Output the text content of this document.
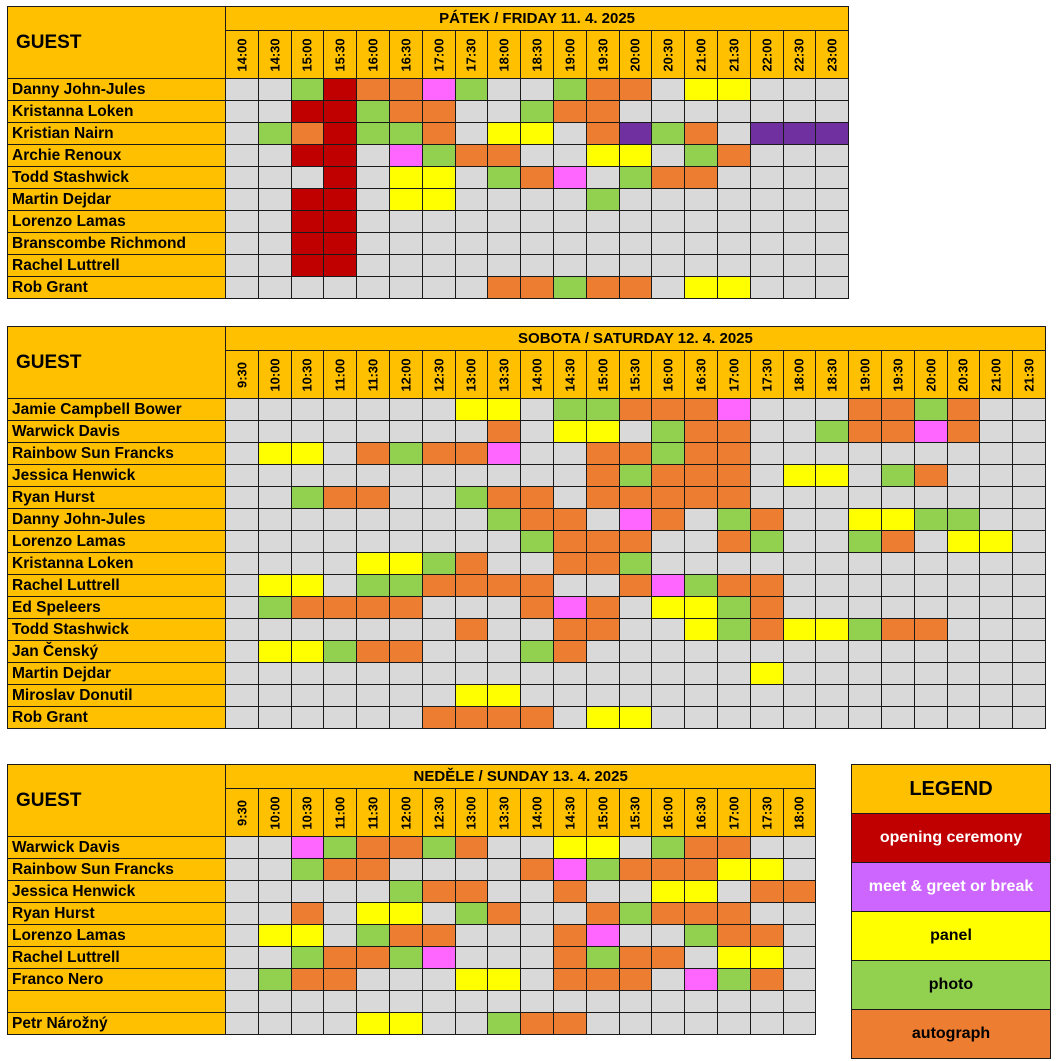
GUEST	PÁTEK / FRIDAY 11. 4. 2025																		

	14:00	14:30	15:00	15:30	16:00	16:30	17:00	17:30	18:00	18:30	19:00	19:30	20:00	20:30	21:00	21:30	22:00	22:30	23:00

Danny John-Jules																			
Kristanna Loken																			
Kristian Nairn																			
Archie Renoux																			
Todd Stashwick																			
Martin Dejdar																			
Lorenzo Lamas																			
Branscombe Richmond																			
Rachel Luttrell																			
Rob Grant																			
GUEST	SOBOTA / SATURDAY 12. 4. 2025																								

	9:30	10:00	10:30	11:00	11:30	12:00	12:30	13:00	13:30	14:00	14:30	15:00	15:30	16:00	16:30	17:00	17:30	18:00	18:30	19:00	19:30	20:00	20:30	21:00	21:30

Jamie Campbell Bower																									
Warwick Davis																									
Rainbow Sun Francks																									
Jessica Henwick																									
Ryan Hurst																									
Danny John-Jules																									
Lorenzo Lamas																									
Kristanna Loken																									
Rachel Luttrell																									
Ed Speleers																									
Todd Stashwick																									
Jan Čenský																									
Martin Dejdar																									
Miroslav Donutil																									
Rob Grant																									
GUEST	NEDĚLE / SUNDAY 13. 4. 2025																	

	9:30	10:00	10:30	11:00	11:30	12:00	12:30	13:00	13:30	14:00	14:30	15:00	15:30	16:00	16:30	17:00	17:30	18:00

Warwick Davis																		
Rainbow Sun Francks																		
Jessica Henwick																		
Ryan Hurst																		
Lorenzo Lamas																		
Rachel Luttrell																		
Franco Nero																		

Petr Nárožný																		
LEGEND
opening ceremony
meet & greet or break
panel
photo
autograph
